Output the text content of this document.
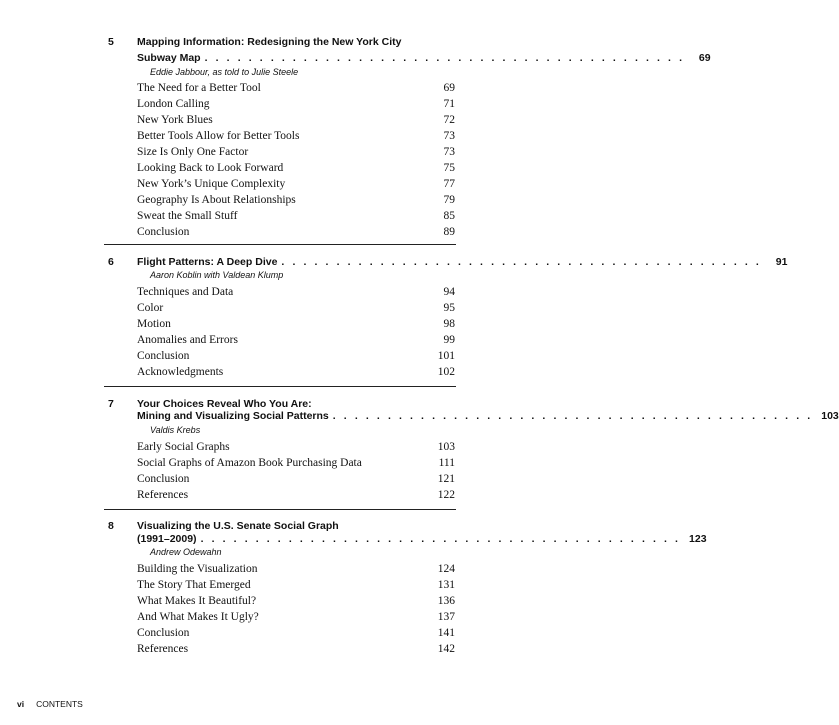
5 Mapping Information: Redesigning the New York City
Subway Map . . . . . . . . . . . . . . . . . . . . . . . . . . . . . . . . . . . . . . . . . . . .	69
Eddie Jabbour, as told to Julie Steele
The Need for a Better Tool	69
London Calling	71
New York Blues	72
Better Tools Allow for Better Tools	73
Size Is Only One Factor	73
Looking Back to Look Forward	75
New York’s Unique Complexity	77
Geography Is About Relationships	79
Sweat the Small Stuff	85
Conclusion	89
6 Flight Patterns: A Deep Dive . . . . . . . . . . . . . . . . . . . . . . . . . . . . . . . . . . . . . . . . . . . .	91
Aaron Koblin with Valdean Klump
Techniques and Data	94
Color	95
Motion	98
Anomalies and Errors	99
Conclusion	101
Acknowledgments	102
7 Your Choices Reveal Who You Are:
Mining and Visualizing Social Patterns . . . . . . . . . . . . . . . . . . . . . . . . . . . . . . . . . . . . . . . . . . . . 103
Valdis Krebs
Early Social Graphs	103
Social Graphs of Amazon Book Purchasing Data	111
Conclusion	121
References	122
8 Visualizing the U.S. Senate Social Graph
(1991–2009) . . . . . . . . . . . . . . . . . . . . . . . . . . . . . . . . . . . . . . . . . . . . 123
Andrew Odewahn
Building the Visualization	124
The Story That Emerged	131
What Makes It Beautiful?	136
And What Makes It Ugly?	137
Conclusion	141
References	142
vi CONTENTS
